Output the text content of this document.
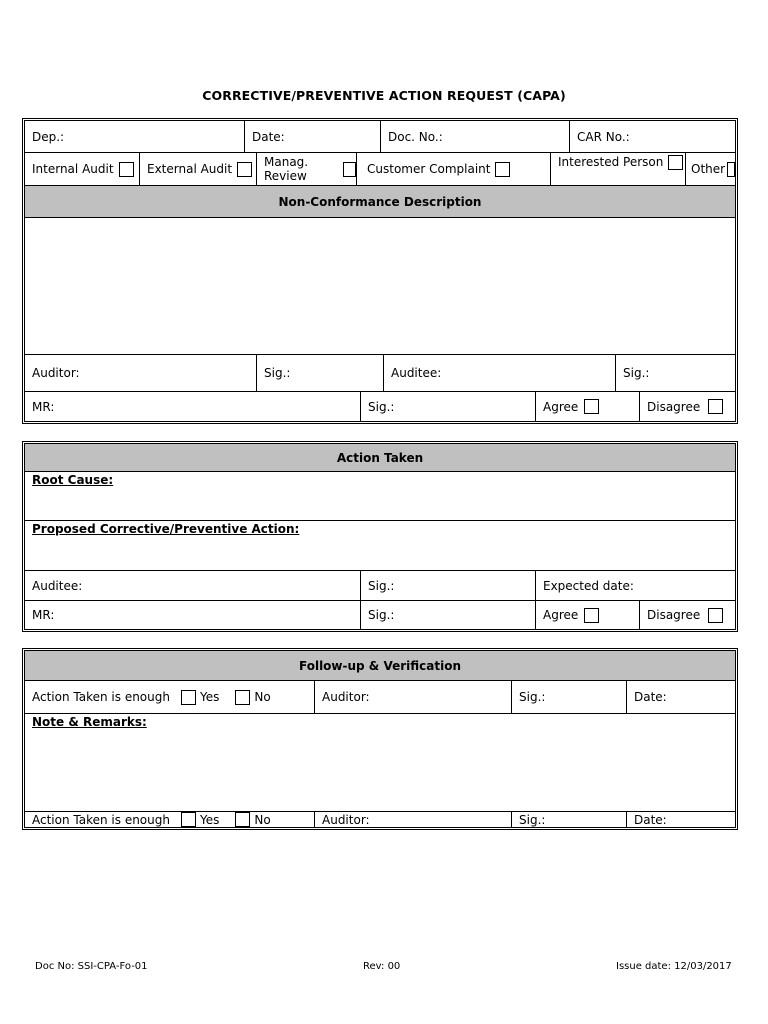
CORRECTIVE/PREVENTIVE ACTION REQUEST (CAPA)
Dep.:	Date:	Doc. No.:	CAR No.:
Internal Audit	External Audit	Manag. Review	Customer Complaint	Interested Person Other
Non-Conformance Description
Auditor:	Sig.:	Auditee:	Sig.:
MR:	Sig.:	Agree	Disagree
Action Taken
Root Cause:
Proposed Corrective/Preventive Action:
Auditee:	Sig.:	Expected date:
MR:	Sig.:	Agree	Disagree
Follow-up & Verification
Action Taken is enough	Yes	No	Auditor:	Sig.:	Date:
Note & Remarks:
Action Taken is enough	Yes	No	Auditor:	Sig.:	Date:
Doc No: SSI-CPA-Fo-01	Rev: 00	Issue date: 12/03/2017
